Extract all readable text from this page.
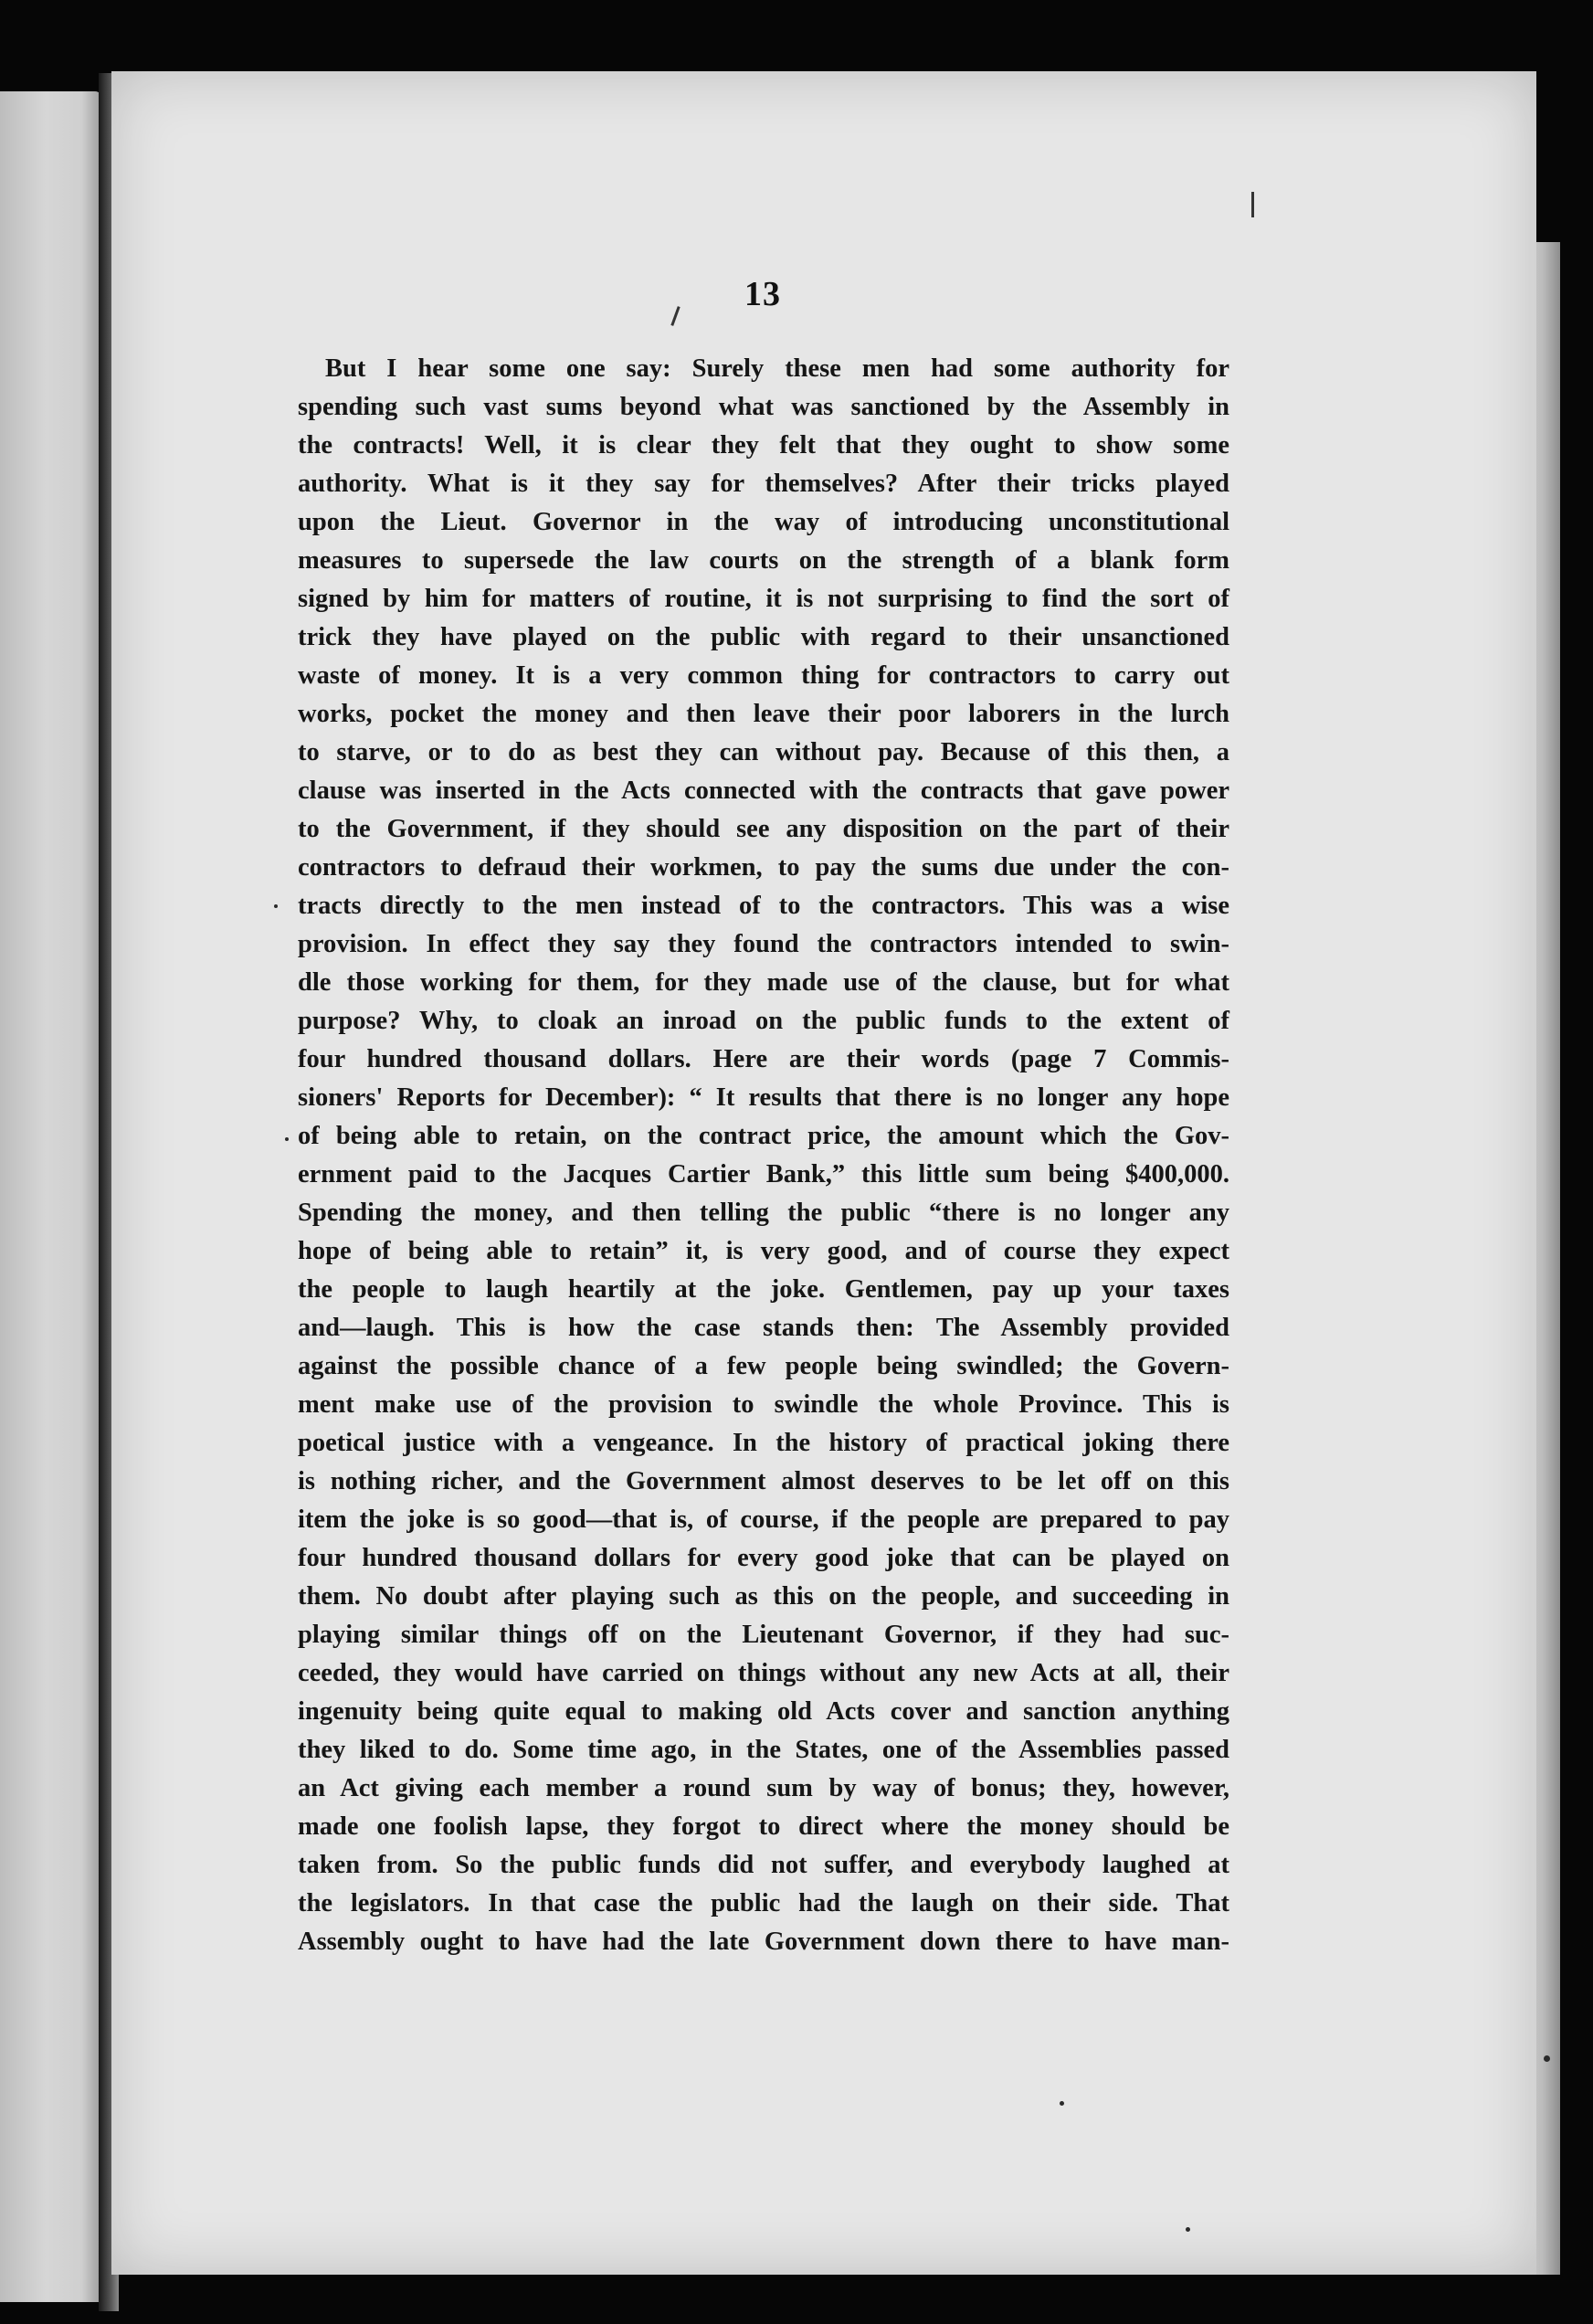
13
But I hear some one say: Surely these men had some authority for
spending such vast sums beyond what was sanctioned by the Assembly in
the contracts! Well, it is clear they felt that they ought to show some
authority. What is it they say for themselves? After their tricks played
upon the Lieut. Governor in the way of introducing unconstitutional
measures to supersede the law courts on the strength of a blank form
signed by him for matters of routine, it is not surprising to find the sort of
trick they have played on the public with regard to their unsanctioned
waste of money. It is a very common thing for contractors to carry out
works, pocket the money and then leave their poor laborers in the lurch
to starve, or to do as best they can without pay. Because of this then, a
clause was inserted in the Acts connected with the contracts that gave power
to the Government, if they should see any disposition on the part of their
contractors to defraud their workmen, to pay the sums due under the con-
tracts directly to the men instead of to the contractors. This was a wise
provision. In effect they say they found the contractors intended to swin-
dle those working for them, for they made use of the clause, but for what
purpose? Why, to cloak an inroad on the public funds to the extent of
four hundred thousand dollars. Here are their words (page 7 Commis-
sioners' Reports for December): “ It results that there is no longer any hope
of being able to retain, on the contract price, the amount which the Gov-
ernment paid to the Jacques Cartier Bank,” this little sum being $400,000.
Spending the money, and then telling the public “there is no longer any
hope of being able to retain” it, is very good, and of course they expect
the people to laugh heartily at the joke. Gentlemen, pay up your taxes
and—laugh. This is how the case stands then: The Assembly provided
against the possible chance of a few people being swindled; the Govern-
ment make use of the provision to swindle the whole Province. This is
poetical justice with a vengeance. In the history of practical joking there
is nothing richer, and the Government almost deserves to be let off on this
item the joke is so good—that is, of course, if the people are prepared to pay
four hundred thousand dollars for every good joke that can be played on
them. No doubt after playing such as this on the people, and succeeding in
playing similar things off on the Lieutenant Governor, if they had suc-
ceeded, they would have carried on things without any new Acts at all, their
ingenuity being quite equal to making old Acts cover and sanction anything
they liked to do. Some time ago, in the States, one of the Assemblies passed
an Act giving each member a round sum by way of bonus; they, however,
made one foolish lapse, they forgot to direct where the money should be
taken from. So the public funds did not suffer, and everybody laughed at
the legislators. In that case the public had the laugh on their side. That
Assembly ought to have had the late Government down there to have man-
